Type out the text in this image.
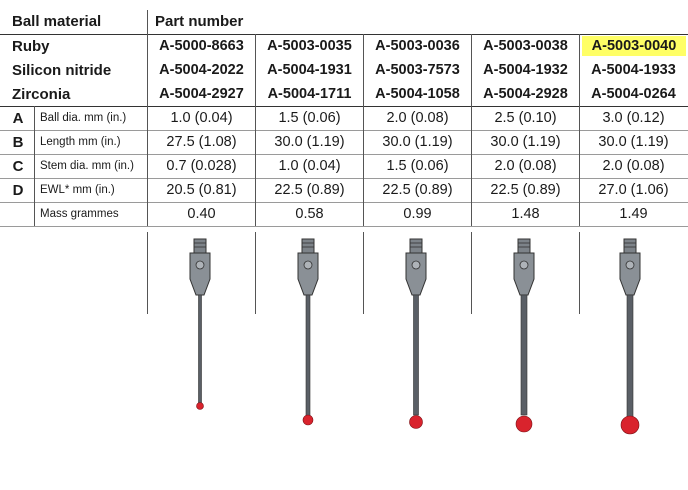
Ball material	Part number
Ruby	A-5000-8663	A-5003-0035	A-5003-0036	A-5003-0038	A-5003-0040
Silicon nitride	A-5004-2022	A-5004-1931	A-5003-7573	A-5004-1932	A-5004-1933
Zirconia	A-5004-2927	A-5004-1711	A-5004-1058	A-5004-2928	A-5004-0264
A	Ball dia. mm (in.)	1.0 (0.04)	1.5 (0.06)	2.0 (0.08)	2.5 (0.10)	3.0 (0.12)
B	Length mm (in.)	27.5 (1.08)	30.0 (1.19)	30.0 (1.19)	30.0 (1.19)	30.0 (1.19)
C	Stem dia. mm (in.)	0.7 (0.028)	1.0 (0.04)	1.5 (0.06)	2.0 (0.08)	2.0 (0.08)
D	EWL* mm (in.)	20.5 (0.81)	22.5 (0.89)	22.5 (0.89)	22.5 (0.89)	27.0 (1.06)
Mass grammes	0.40	0.58	0.99	1.48	1.49
